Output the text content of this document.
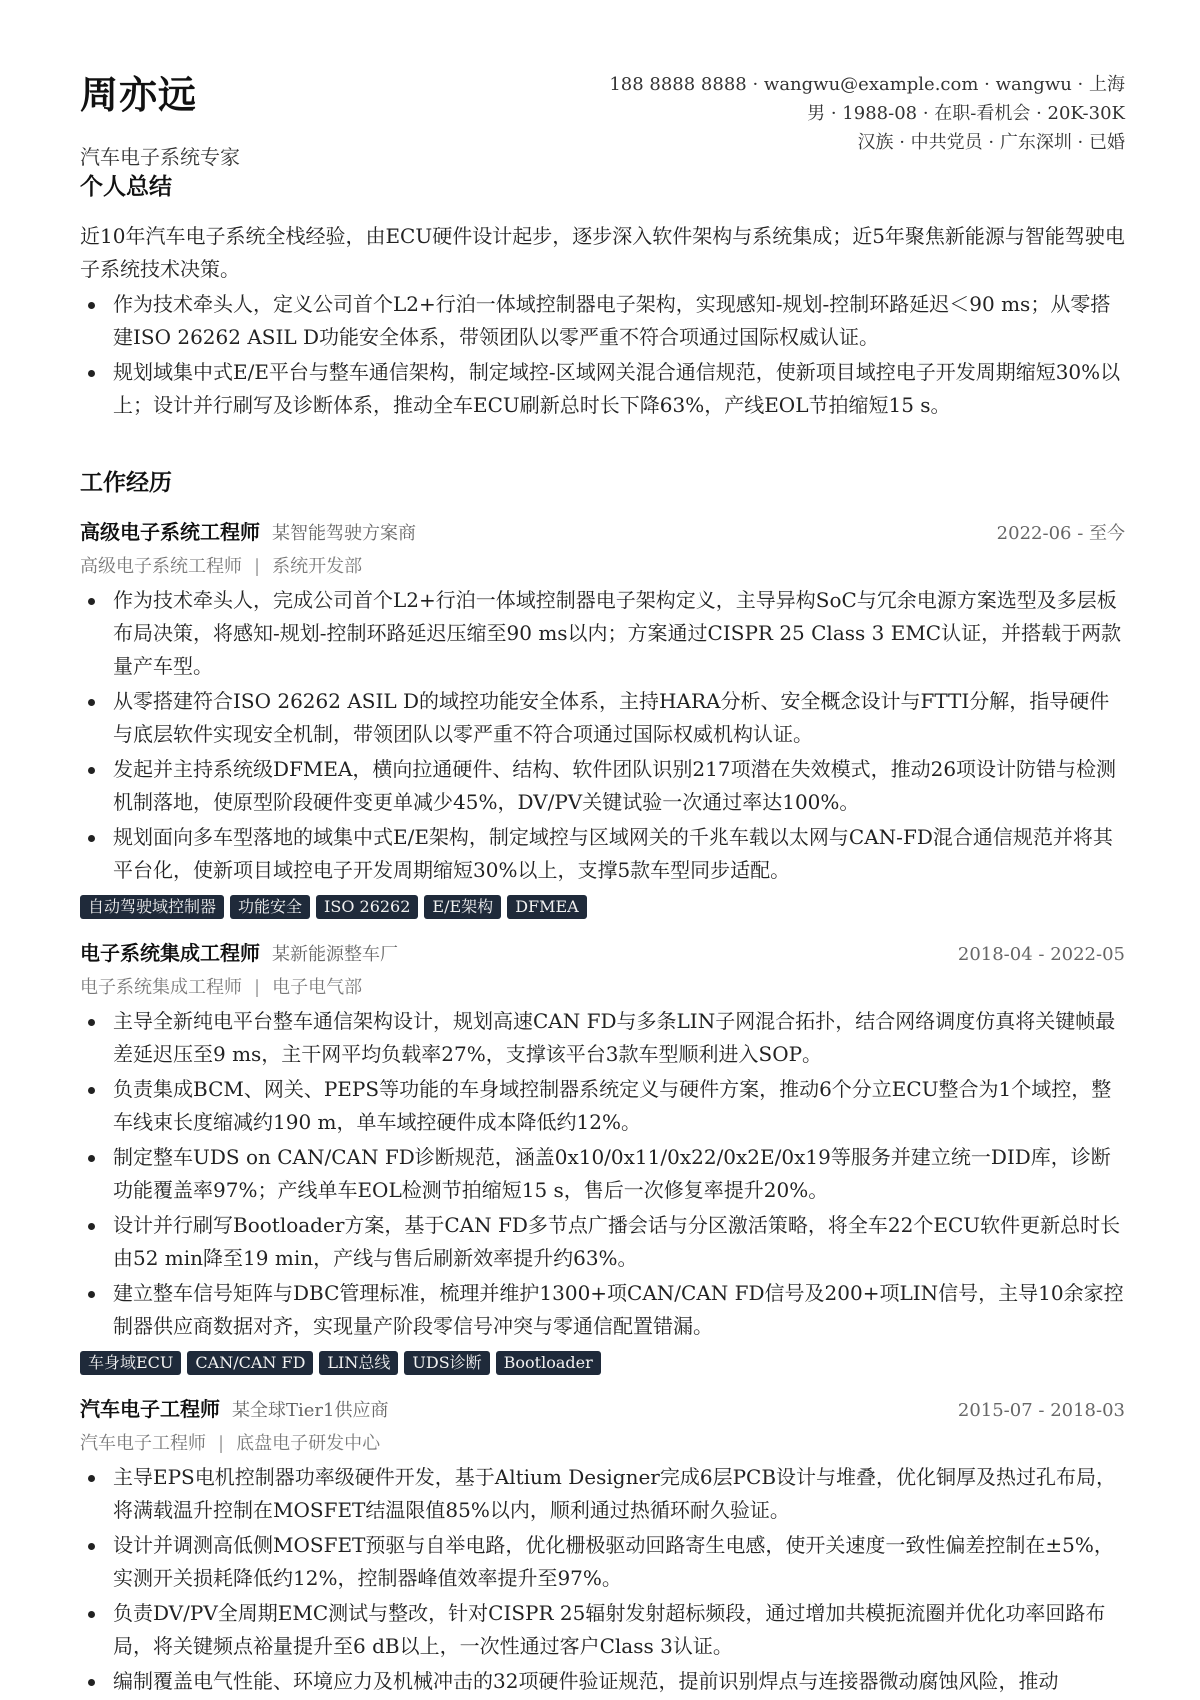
周亦远
汽车电子系统专家
188 8888 8888 · wangwu@example.com · wangwu · 上海
男 · 1988-08 · 在职-看机会 · 20K-30K
汉族 · 中共党员 · 广东深圳 · 已婚
个人总结

近10年汽车电子系统全栈经验，由ECU硬件设计起步，逐步深入软件架构与系统集成；近5年聚焦新能源与智能驾驶电子系统技术决策。

作为技术牵头人，定义公司首个L2+行泊一体域控制器电子架构，实现感知-规划-控制环路延迟＜90 ms；从零搭建ISO 26262 ASIL D功能安全体系，带领团队以零严重不符合项通过国际权威认证。
规划域集中式E/E平台与整车通信架构，制定域控-区域网关混合通信规范，使新项目域控电子开发周期缩短30%以上；设计并行刷写及诊断体系，推动全车ECU刷新总时长下降63%，产线EOL节拍缩短15 s。
工作经历
高级电子系统工程师 某智能驾驶方案商	2022-06 - 至今
高级电子系统工程师 | 系统开发部
作为技术牵头人，完成公司首个L2+行泊一体域控制器电子架构定义，主导异构SoC与冗余电源方案选型及多层板布局决策，将感知-规划-控制环路延迟压缩至90 ms以内；方案通过CISPR 25 Class 3 EMC认证，并搭载于两款量产车型。
从零搭建符合ISO 26262 ASIL D的域控功能安全体系，主持HARA分析、安全概念设计与FTTI分解，指导硬件与底层软件实现安全机制，带领团队以零严重不符合项通过国际权威机构认证。
发起并主持系统级DFMEA，横向拉通硬件、结构、软件团队识别217项潜在失效模式，推动26项设计防错与检测机制落地，使原型阶段硬件变更单减少45%，DV/PV关键试验一次通过率达100%。
规划面向多车型落地的域集中式E/E架构，制定域控与区域网关的千兆车载以太网与CAN-FD混合通信规范并将其平台化，使新项目域控电子开发周期缩短30%以上，支撑5款车型同步适配。
自动驾驶域控制器	功能安全	ISO 26262	E/E架构	DFMEA
电子系统集成工程师 某新能源整车厂	2018-04 - 2022-05
电子系统集成工程师 | 电子电气部
主导全新纯电平台整车通信架构设计，规划高速CAN FD与多条LIN子网混合拓扑，结合网络调度仿真将关键帧最差延迟压至9 ms，主干网平均负载率27%，支撑该平台3款车型顺利进入SOP。
负责集成BCM、网关、PEPS等功能的车身域控制器系统定义与硬件方案，推动6个分立ECU整合为1个域控，整车线束长度缩减约190 m，单车域控硬件成本降低约12%。
制定整车UDS on CAN/CAN FD诊断规范，涵盖0x10/0x11/0x22/0x2E/0x19等服务并建立统一DID库，诊断功能覆盖率97%；产线单车EOL检测节拍缩短15 s，售后一次修复率提升20%。
设计并行刷写Bootloader方案，基于CAN FD多节点广播会话与分区激活策略，将全车22个ECU软件更新总时长由52 min降至19 min，产线与售后刷新效率提升约63%。
建立整车信号矩阵与DBC管理标准，梳理并维护1300+项CAN/CAN FD信号及200+项LIN信号，主导10余家控制器供应商数据对齐，实现量产阶段零信号冲突与零通信配置错漏。
车身域ECU	CAN/CAN FD	LIN总线	UDS诊断	Bootloader
汽车电子工程师 某全球Tier1供应商	2015-07 - 2018-03
汽车电子工程师 | 底盘电子研发中心
主导EPS电机控制器功率级硬件开发，基于Altium Designer完成6层PCB设计与堆叠，优化铜厚及热过孔布局，将满载温升控制在MOSFET结温限值85%以内，顺利通过热循环耐久验证。
设计并调测高低侧MOSFET预驱与自举电路，优化栅极驱动回路寄生电感，使开关速度一致性偏差控制在±5%，实测开关损耗降低约12%，控制器峰值效率提升至97%。
负责DV/PV全周期EMC测试与整改，针对CISPR 25辐射发射超标频段，通过增加共模扼流圈并优化功率回路布局，将关键频点裕量提升至6 dB以上，一次性通过客户Class 3认证。
编制覆盖电气性能、环境应力及机械冲击的32项硬件验证规范，提前识别焊点与连接器微动腐蚀风险，推动
